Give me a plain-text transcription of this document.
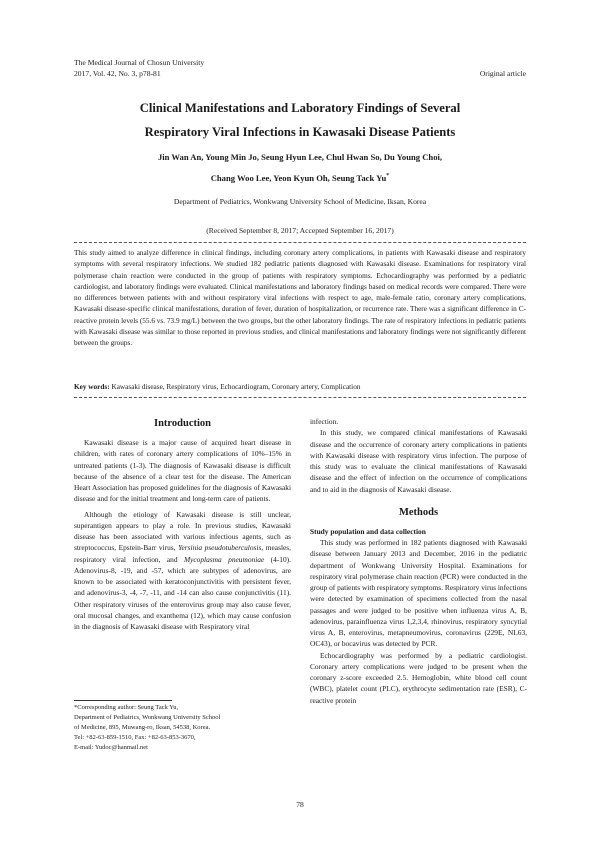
The Medical Journal of Chosun University
2017, Vol. 42, No. 3, p78-81	Original article
Clinical Manifestations and Laboratory Findings of Several
Respiratory Viral Infections in Kawasaki Disease Patients
Jin Wan An, Young Min Jo, Seung Hyun Lee, Chul Hwan So, Du Young Choi,
Chang Woo Lee, Yeon Kyun Oh, Seung Tack Yu*
Department of Pediatrics, Wonkwang University School of Medicine, Iksan, Korea
(Received September 8, 2017; Accepted September 16, 2017)
This study aimed to analyze difference in clinical findings, including coronary artery complications, in patients with Kawasaki disease and respiratory symptoms with several respiratory infections. We studied 182 pediatric patients diagnosed with Kawasaki disease. Examinations for respiratory viral polymerase chain reaction were conducted in the group of patients with respiratory symptoms. Echocardiography was performed by a pediatric cardiologist, and laboratory findings were evaluated. Clinical manifestations and laboratory findings based on medical records were compared. There were no differences between patients with and without respiratory viral infections with respect to age, male-female ratio, coronary artery complications, Kawasaki disease-specific clinical manifestations, duration of fever, duration of hospitalization, or recurrence rate. There was a significant difference in C-reactive protein levels (55.6 vs. 73.9 mg/L) between the two groups, but the other laboratory findings. The rate of respiratory infections in pediatric patients with Kawasaki disease was similar to those reported in previous studies, and clinical manifestations and laboratory findings were not significantly different between the groups.
Key words: Kawasaki disease, Respiratory virus, Echocardiogram, Coronary artery, Complication
Introduction

Kawasaki disease is a major cause of acquired heart disease in children, with rates of coronary artery complications of 10%–15% in untreated patients (1-3). The diagnosis of Kawasaki disease is difficult because of the absence of a clear test for the disease. The American Heart Association has proposed guidelines for the diagnosis of Kawasaki disease and for the initial treatment and long-term care of patients.

Although the etiology of Kawasaki disease is still unclear, superantigen appears to play a role. In previous studies, Kawasaki disease has been associated with various infectious agents, such as streptococcus, Epstein-Barr virus, Yersinia pseudotuberculosis, measles, respiratory viral infection, and Mycoplasma pneumoniae (4-10). Adenovirus-8, -19, and -57, which are subtypes of adenovirus, are known to be associated with keratoconjunctivitis with persistent fever, and adenovirus-3, -4, -7, -11, and -14 can also cause conjunctivitis (11). Other respiratory viruses of the enterovirus group may also cause fever, oral mucosal changes, and exanthema (12), which may cause confusion in the diagnosis of Kawasaki disease with Respiratory viral

infection.

In this study, we compared clinical manifestations of Kawasaki disease and the occurrence of coronary artery complications in patients with Kawasaki disease with respiratory virus infection. The purpose of this study was to evaluate the clinical manifestations of Kawasaki disease and the effect of infection on the occurrence of complications and to aid in the diagnosis of Kawasaki disease.

Methods
Study population and data collection

This study was performed in 182 patients diagnosed with Kawasaki disease between January 2013 and December, 2016 in the pediatric department of Wonkwang University Hospital. Examinations for respiratory viral polymerase chain reaction (PCR) were conducted in the group of patients with respiratory symptoms. Respiratory virus infections were detected by examination of specimens collected from the nasal passages and were judged to be positive when influenza virus A, B, adenovirus, parainfluenza virus 1,2,3,4, rhinovirus, respiratory syncytial virus A, B, enterovirus, metapneumovirus, coronavirus (229E, NL63, OC43), or bocavirus was detected by PCR.

Echocardiography was performed by a pediatric cardiologist. Coronary artery complications were judged to be present when the coronary z-score exceeded 2.5. Hemoglobin, white blood cell count (WBC), platelet count (PLC), erythrocyte sedimentation rate (ESR), C-reactive protein

*Corresponding author: Seung Tack Yu,
Department of Pediatrics, Wonkwang University School
of Medicine, 895, Muwang-ro, Iksan, 54538, Korea.
Tel: +82-63-859-1510, Fax: +82-63-853-3670,
E-mail: Yudoc@hanmail.net
78
